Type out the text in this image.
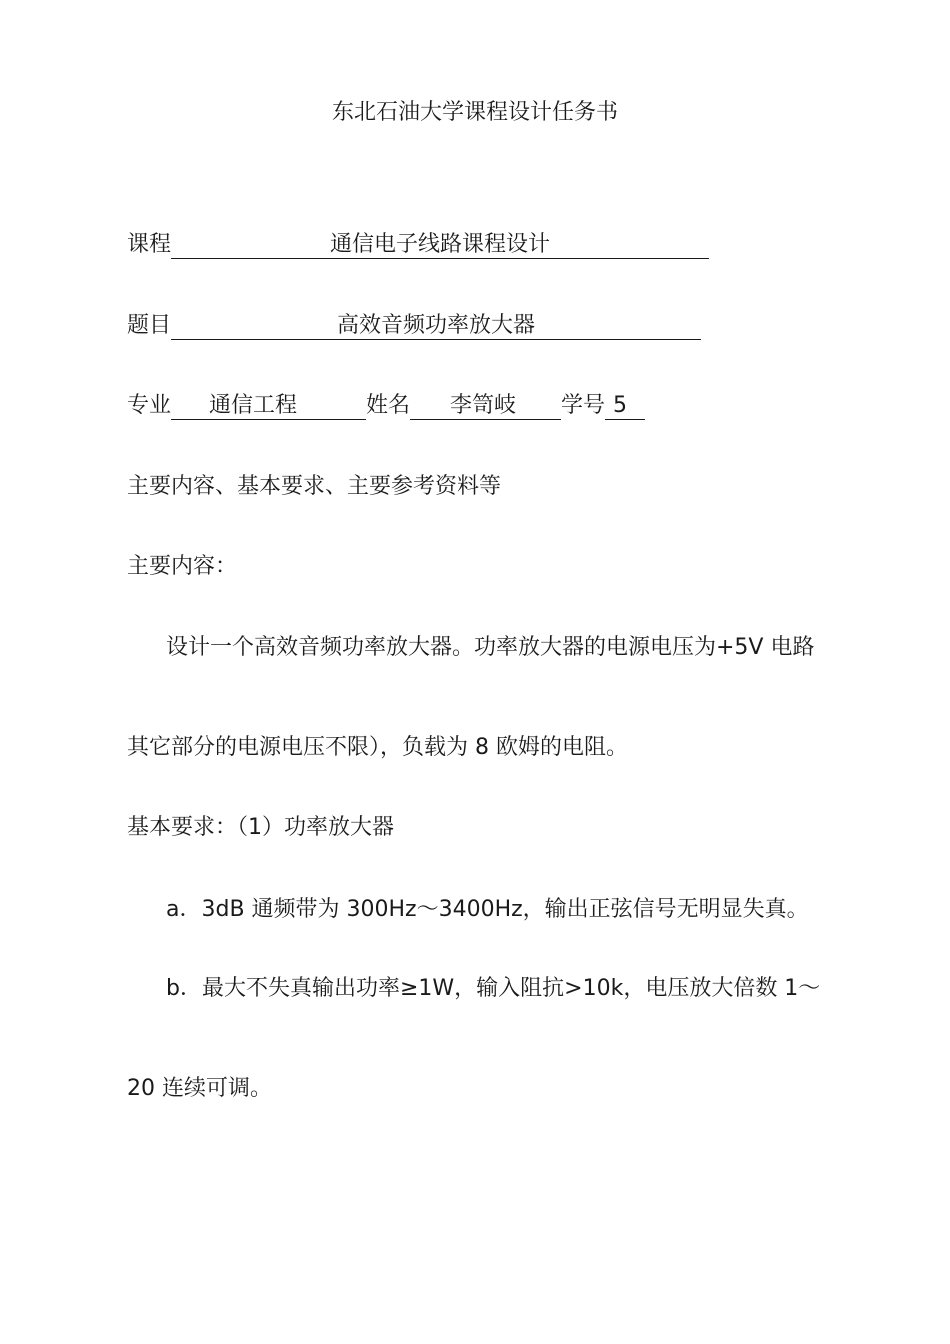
东北石油大学课程设计任务书
课程	通信电子线路课程设计
题目	高效音频功率放大器
专业 通信工程	姓名 李笥岐 学号 5
主要内容、基本要求、主要参考资料等
主要内容：
设计一个高效音频功率放大器。功率放大器的电源电压为+5V 电路
其它部分的电源电压不限），负载为 8 欧姆的电阻。
基本要求：（1）功率放大器
a．3dB 通频带为 300Hz～3400Hz，输出正弦信号无明显失真。
b．最大不失真输出功率≥1W，输入阻抗>10k，电压放大倍数 1～
20 连续可调。
